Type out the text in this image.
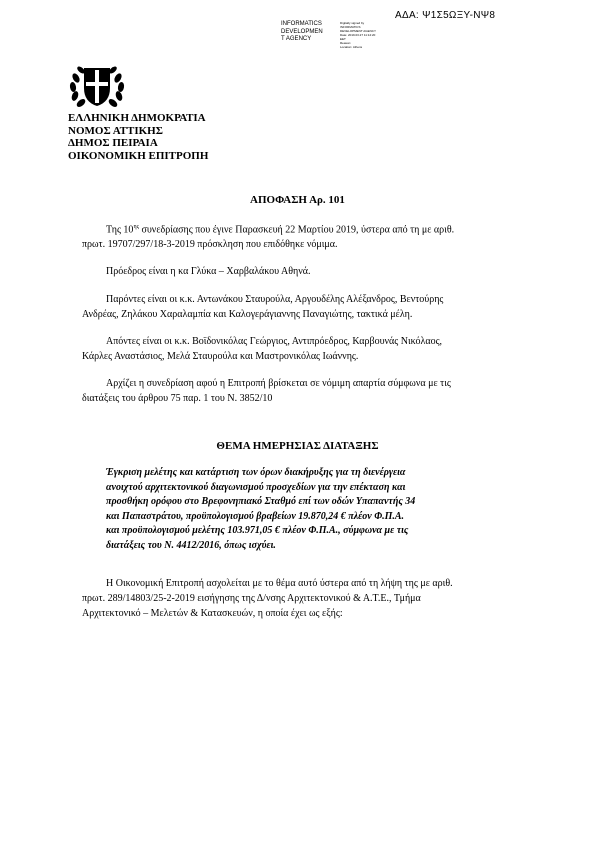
ΑΔΑ: Ψ1Σ5ΩΞΥ-ΝΨ8
INFORMATICS
DEVELOPMEN
T AGENCY
Digitally signed by
INFORMATICS
DEVELOPMENT AGENCY
Date: 2019.03.27 11:12:20
EET
Reason:
Location: Athens
ΕΛΛΗΝΙΚΗ ΔΗΜΟΚΡΑΤΙΑ
ΝΟΜΟΣ ΑΤΤΙΚΗΣ
ΔΗΜΟΣ ΠΕΙΡΑΙΑ
ΟΙΚΟΝΟΜΙΚΗ ΕΠΙΤΡΟΠΗ
ΑΠΟΦΑΣΗ Αρ. 101
Της $10^{\eta\varsigma}$ συνεδρίασης που έγινε Παρασκευή 22 Μαρτίου 2019, ύστερα από τη με αριθ.
πρωτ. 19707/297/18-3-2019 πρόσκληση που επιδόθηκε νόμιμα.
Πρόεδρος είναι η κα Γλύκα – Χαρβαλάκου Αθηνά.
Παρόντες είναι οι κ.κ. Αντωνάκου Σταυρούλα, Αργουδέλης Αλέξανδρος, Βεντούρης
Ανδρέας, Ζηλάκου Χαραλαμπία και Καλογεράγιαννης Παναγιώτης, τακτικά μέλη.
Απόντες είναι οι κ.κ. Βοϊδονικόλας Γεώργιος, Αντιπρόεδρος, Καρβουνάς Νικόλαος,
Κάρλες Αναστάσιος, Μελά Σταυρούλα και Μαστρονικόλας Ιωάννης.
Αρχίζει η συνεδρίαση αφού η Επιτροπή βρίσκεται σε νόμιμη απαρτία σύμφωνα με τις
διατάξεις του άρθρου 75 παρ. 1 του Ν. 3852/10
ΘΕΜΑ ΗΜΕΡΗΣΙΑΣ ΔΙΑΤΑΞΗΣ
Έγκριση μελέτης και κατάρτιση των όρων διακήρυξης για τη διενέργεια
ανοιχτού αρχιτεκτονικού διαγωνισμού προσχεδίων για την επέκταση και
προσθήκη ορόφου στο Βρεφονηπιακό Σταθμό επί των οδών Υπαπαντής 34
και Παπαστράτου, προϋπολογισμού βραβείων 19.870,24 € πλέον Φ.Π.Α.
και προϋπολογισμού μελέτης 103.971,05 € πλέον Φ.Π.Α., σύμφωνα με τις
διατάξεις του Ν. 4412/2016, όπως ισχύει.
Η Οικονομική Επιτροπή ασχολείται με το θέμα αυτό ύστερα από τη λήψη της με αριθ.
πρωτ. 289/14803/25-2-2019 εισήγησης της Δ/νσης Αρχιτεκτονικού & Α.Τ.Ε., Τμήμα
Αρχιτεκτονικό – Μελετών & Κατασκευών, η οποία έχει ως εξής:
